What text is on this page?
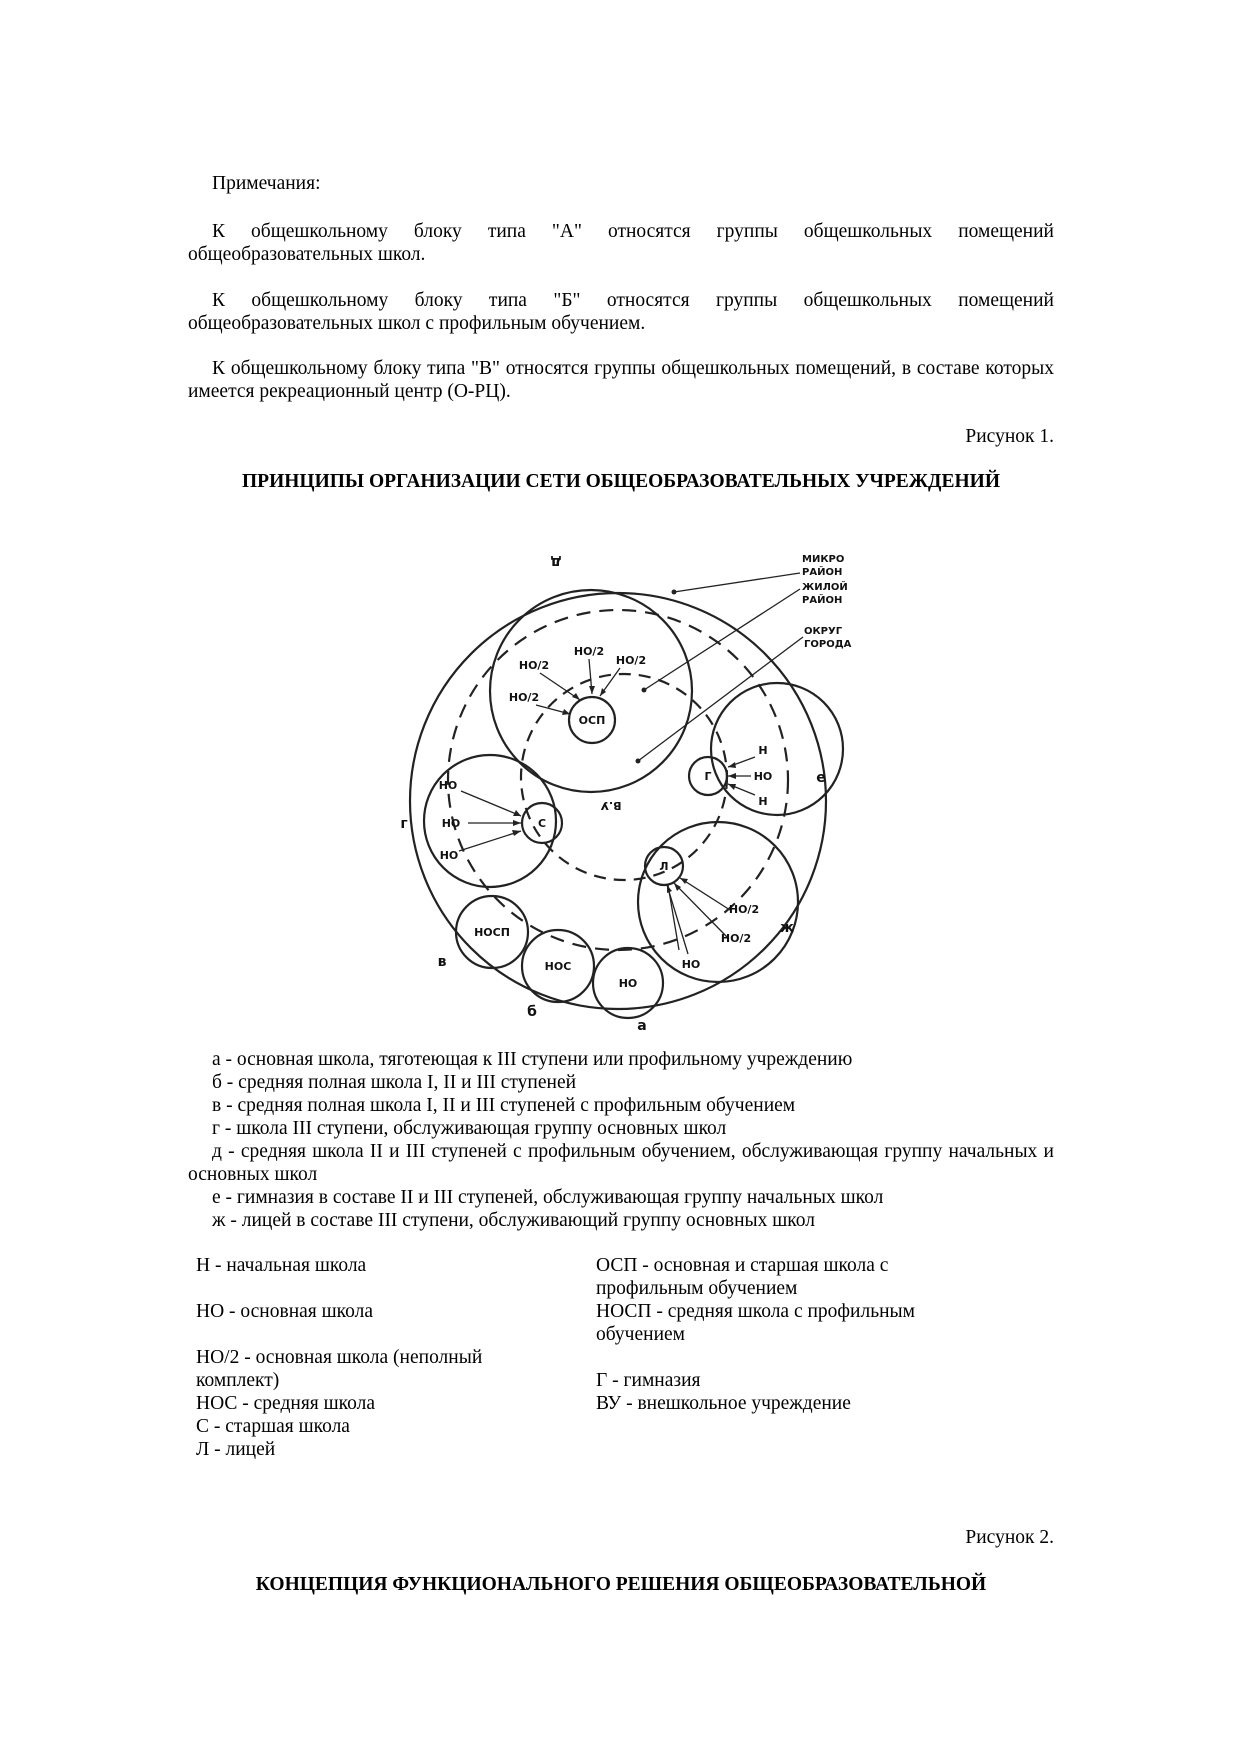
Примечания:

К общешкольному блоку типа "А" относятся группы общешкольных помещений общеобразовательных школ.

К общешкольному блоку типа "Б" относятся группы общешкольных помещений общеобразовательных школ с профильным обучением.

К общешкольному блоку типа "В" относятся группы общешкольных помещений, в составе которых имеется рекреационный центр (О-РЦ).

Рисунок 1.
ПРИНЦИПЫ ОРГАНИЗАЦИИ СЕТИ ОБЩЕОБРАЗОВАТЕЛЬНЫХ УЧРЕЖДЕНИЙ
ОСП
Г
С
Л
НОСП
НОС
НО
В.У
НО/2
НО/2	НО/2
НО/2
НО
НО
НО
Н
НО
Н
НО/2
НО/2
НО
а
б
в
г
д
е
ж
МИКРО
РАЙОН
ЖИЛОЙ
РАЙОН
ОКРУГ
ГОРОДА
а - основная школа, тяготеющая к III ступени или профильному учреждению
б - средняя полная школа I, II и III ступеней
в - средняя полная школа I, II и III ступеней с профильным обучением
г - школа III ступени, обслуживающая группу основных школ
д - средняя школа II и III ступеней с профильным обучением, обслуживающая группу начальных и основных школ
е - гимназия в составе II и III ступеней, обслуживающая группу начальных школ
ж - лицей в составе III ступени, обслуживающий группу основных школ
Н - начальная школа
НО - основная школа
НО/2 - основная школа (неполный комплект)
НОС - средняя школа
С - старшая школа
Л - лицей
ОСП - основная и старшая школа с профильным обучением
НОСП - средняя школа с профильным обучением
Г - гимназия
ВУ - внешкольное учреждение
Рисунок 2.
КОНЦЕПЦИЯ ФУНКЦИОНАЛЬНОГО РЕШЕНИЯ ОБЩЕОБРАЗОВАТЕЛЬНОЙ
